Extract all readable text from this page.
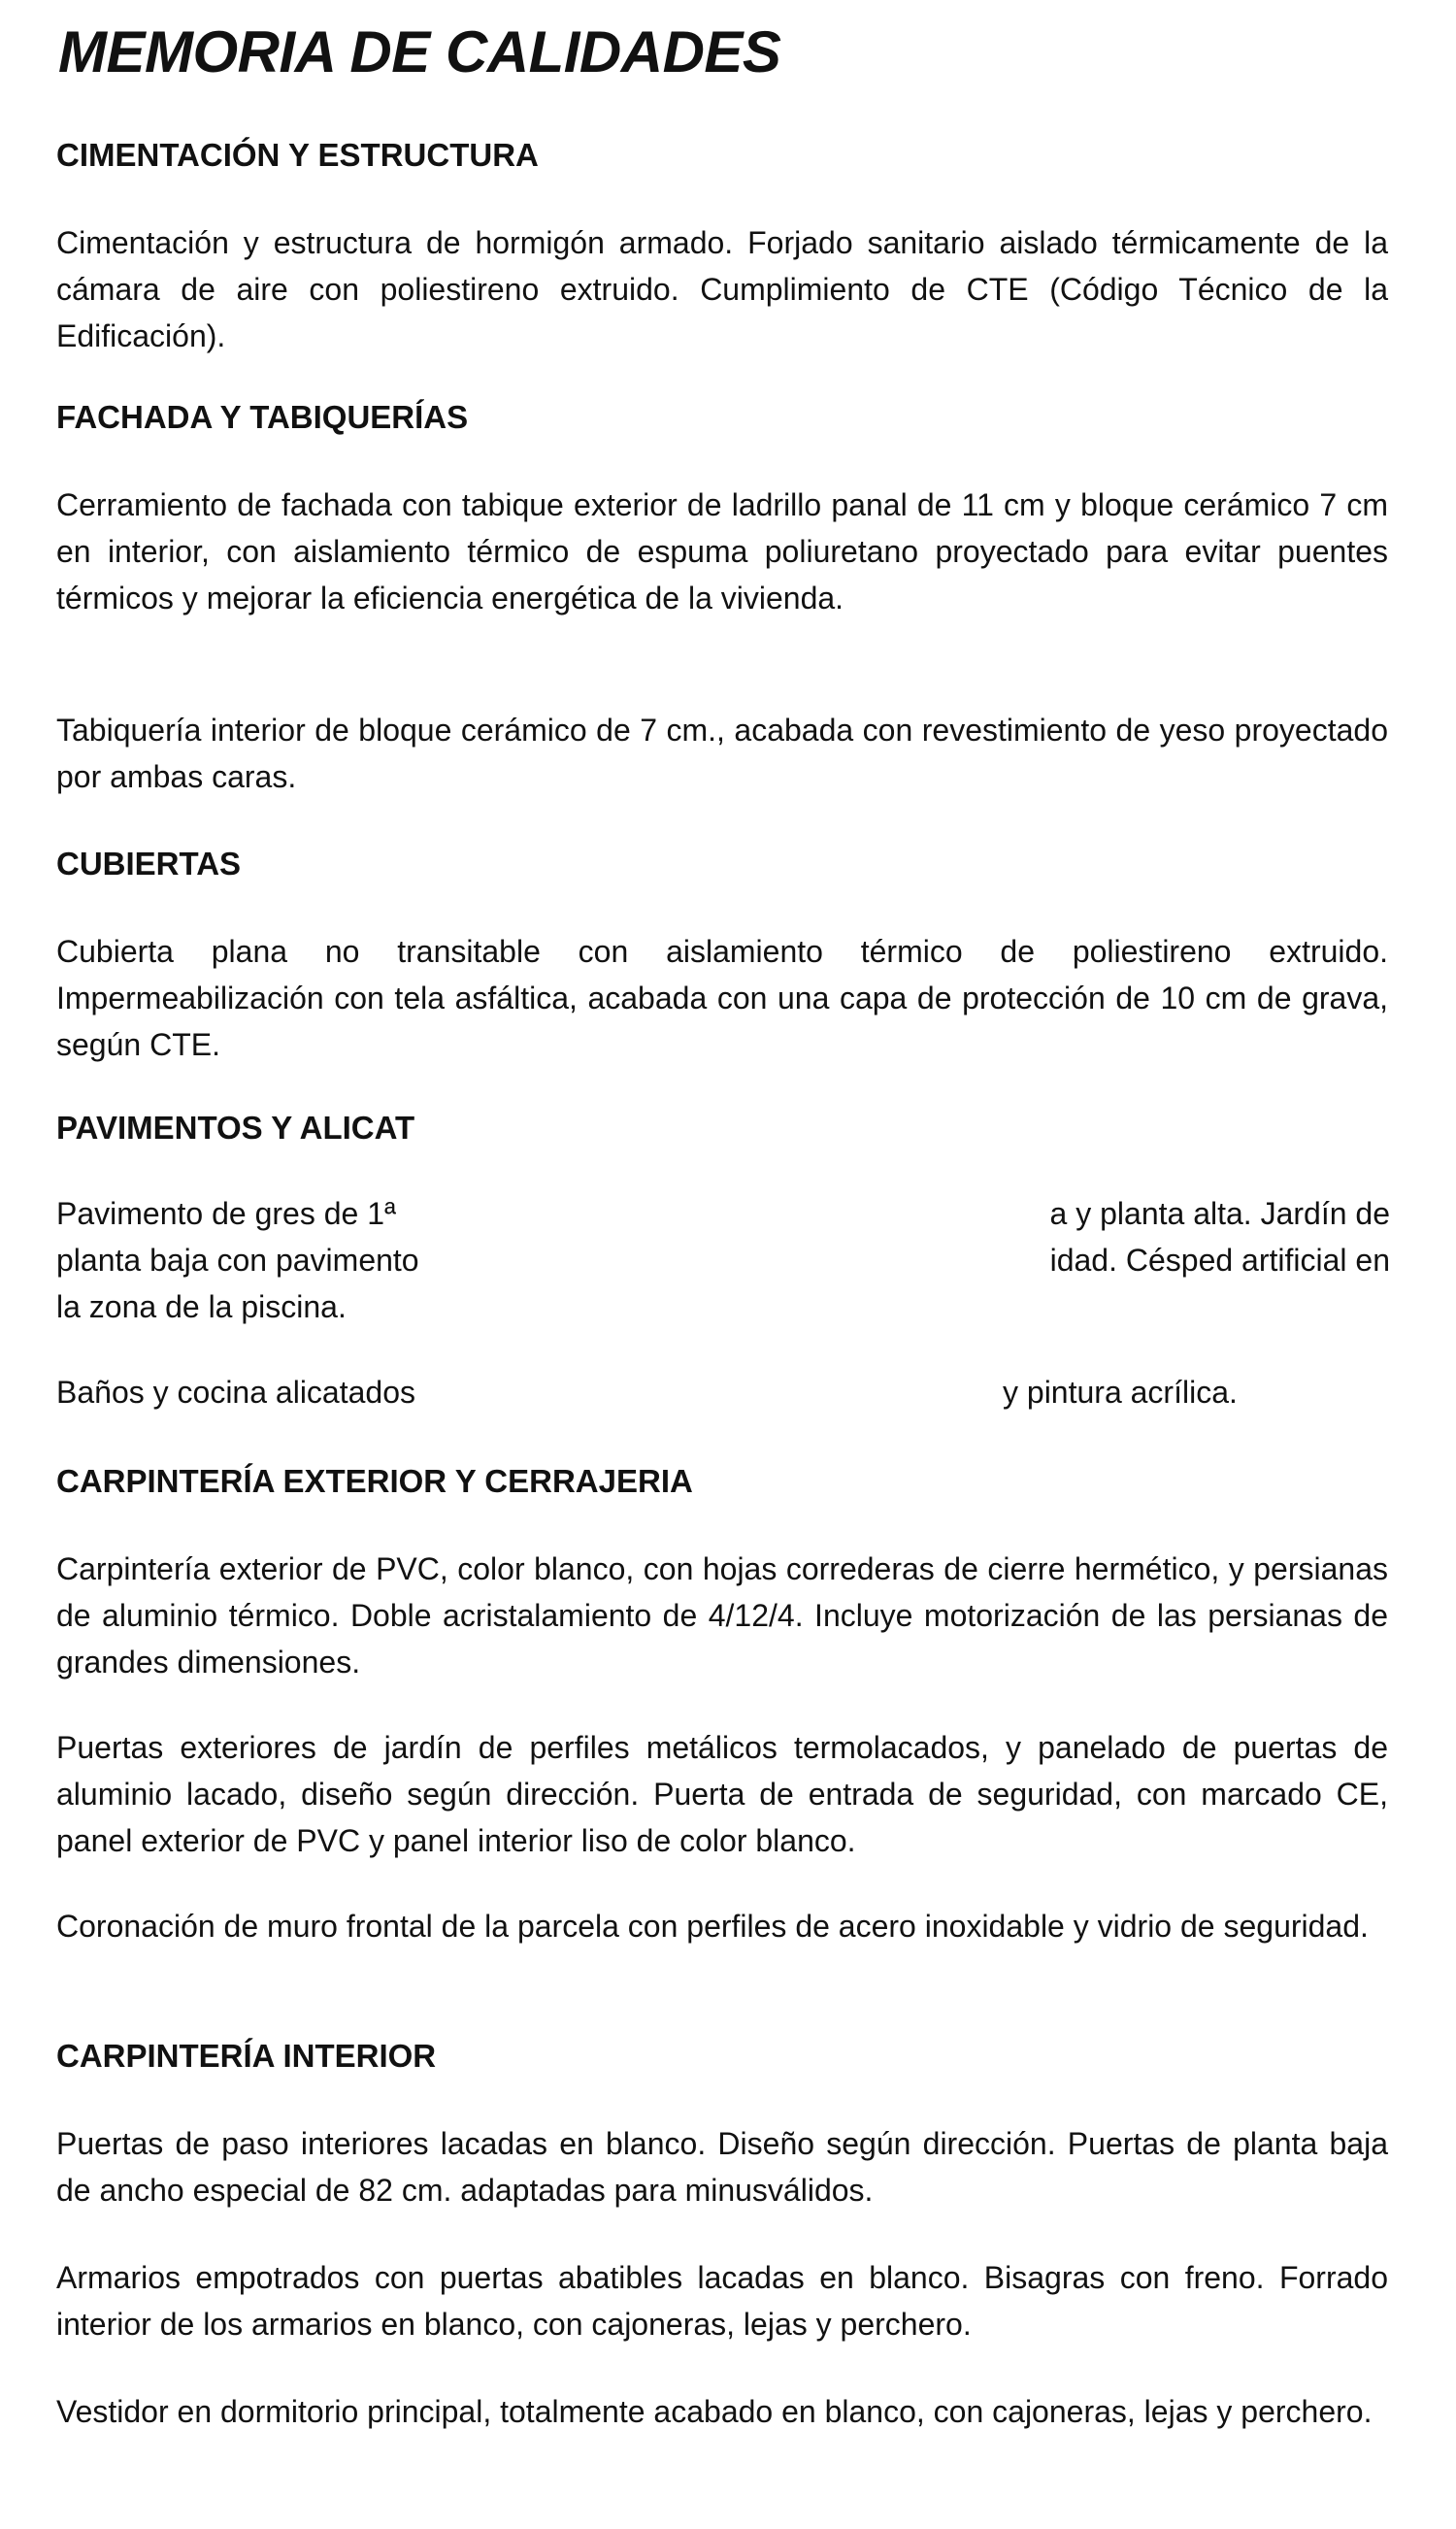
MEMORIA DE CALIDADES
CIMENTACIÓN Y ESTRUCTURA

Cimentación y estructura de hormigón armado. Forjado sanitario aislado térmicamente de la cámara de aire con poliestireno extruido. Cumplimiento de CTE (Código Técnico de la Edificación).

FACHADA Y TABIQUERÍAS

Cerramiento de fachada con tabique exterior de ladrillo panal de 11 cm y bloque cerámico 7 cm en interior, con aislamiento térmico de espuma poliuretano proyectado para evitar puentes térmicos y mejorar la eficiencia energética de la vivienda.

Tabiquería interior de bloque cerámico de 7 cm., acabada con revestimiento de yeso proyectado por ambas caras.

CUBIERTAS

Cubierta plana no transitable con aislamiento térmico de poliestireno extruido. Impermeabilización con tela asfáltica, acabada con una capa de protección de 10 cm de grava, según CTE.

PAVIMENTOS Y ALICAT

Pavimento de gres de 1ª	a y planta alta. Jardín de

planta baja con pavimento	idad. Césped artificial en

la zona de la piscina.

Baños y cocina alicatados	y pintura acrílica.

CARPINTERÍA EXTERIOR Y CERRAJERIA

Carpintería exterior de PVC, color blanco, con hojas correderas de cierre hermético, y persianas de aluminio térmico. Doble acristalamiento de 4/12/4. Incluye motorización de las persianas de grandes dimensiones.

Puertas exteriores de jardín de perfiles metálicos termolacados, y panelado de puertas de aluminio lacado, diseño según dirección. Puerta de entrada de seguridad, con marcado CE, panel exterior de PVC y panel interior liso de color blanco.

Coronación de muro frontal de la parcela con perfiles de acero inoxidable y vidrio de seguridad.

CARPINTERÍA INTERIOR

Puertas de paso interiores lacadas en blanco. Diseño según dirección. Puertas de planta baja de ancho especial de 82 cm. adaptadas para minusválidos.

Armarios empotrados con puertas abatibles lacadas en blanco. Bisagras con freno. Forrado interior de los armarios en blanco, con cajoneras, lejas y perchero.

Vestidor en dormitorio principal, totalmente acabado en blanco, con cajoneras, lejas y perchero.
